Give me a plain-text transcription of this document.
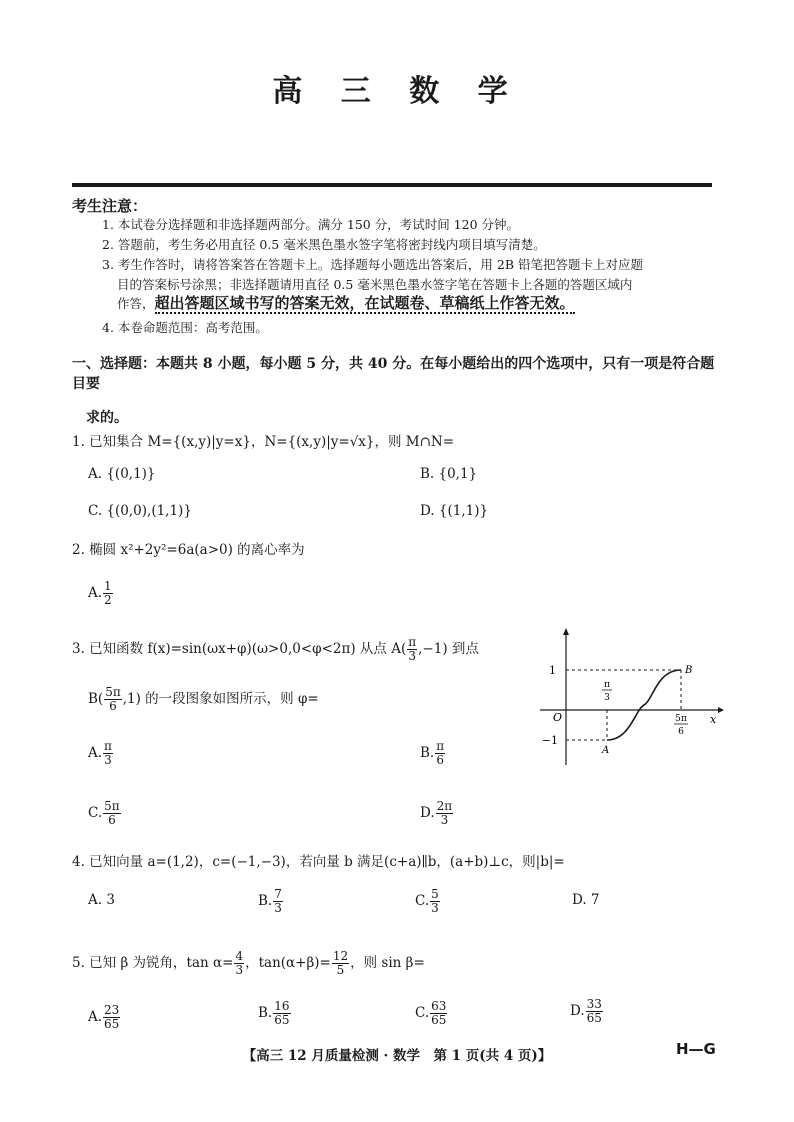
高 三 数 学
考生注意：
1. 本试卷分选择题和非选择题两部分。满分 150 分，考试时间 120 分钟。
2. 答题前，考生务必用直径 0.5 毫米黑色墨水签字笔将密封线内项目填写清楚。
3. 考生作答时，请将答案答在答题卡上。选择题每小题选出答案后，用 2B 铅笔把答题卡上对应题
目的答案标号涂黑；非选择题请用直径 0.5 毫米黑色墨水签字笔在答题卡上各题的答题区域内
作答，超出答题区域书写的答案无效，在试题卷、草稿纸上作答无效。
4. 本卷命题范围：高考范围。
一、选择题：本题共 8 小题，每小题 5 分，共 40 分。在每小题给出的四个选项中，只有一项是符合题目要
求的。
1. 已知集合 M={(x,y)|y=x}，N={(x,y)|y=√x}，则 M∩N=
A. {(0,1)}	B. {0,1}
C. {(0,0),(1,1)}	D. {(1,1)}
2. 椭圆 x²+2y²=6a(a>0) 的离心率为
A. $\frac{1}{2}$
3. 已知函数 f(x)=sin(ωx+φ)(ω>0,0<φ<2π) 从点 $A( \frac{\pi}{3} ,-1)$ 到点
$B( \frac{5\pi}{6} ,1)$ 的一段图象如图所示，则 φ=
A. $\frac{\pi}{3}$	B. $\frac{\pi}{6}$
C. $\frac{5\pi}{6}$	D. $\frac{2\pi}{3}$
1
−1
O	x
B
A
π
3
5π
6
4. 已知向量 a=(1,2)，c=(−1,−3)，若向量 b 满足(c+a)∥b，(a+b)⊥c，则|b|=
A. 3	B. $\frac{7}{3}$	C. $\frac{5}{3}$	D. 7
5. 已知 β 为锐角，$\tan \alpha= \frac{4}{3}$ ，$\tan(\alpha+\beta)= \frac{12}{5}$ ，则 sin β=
A. $\frac{23}{65}$	B. $\frac{16}{65}$	C. $\frac{63}{65}$	D. $\frac{33}{65}$
【高三 12 月质量检测 · 数学　第 1 页(共 4 页)】	H—G
